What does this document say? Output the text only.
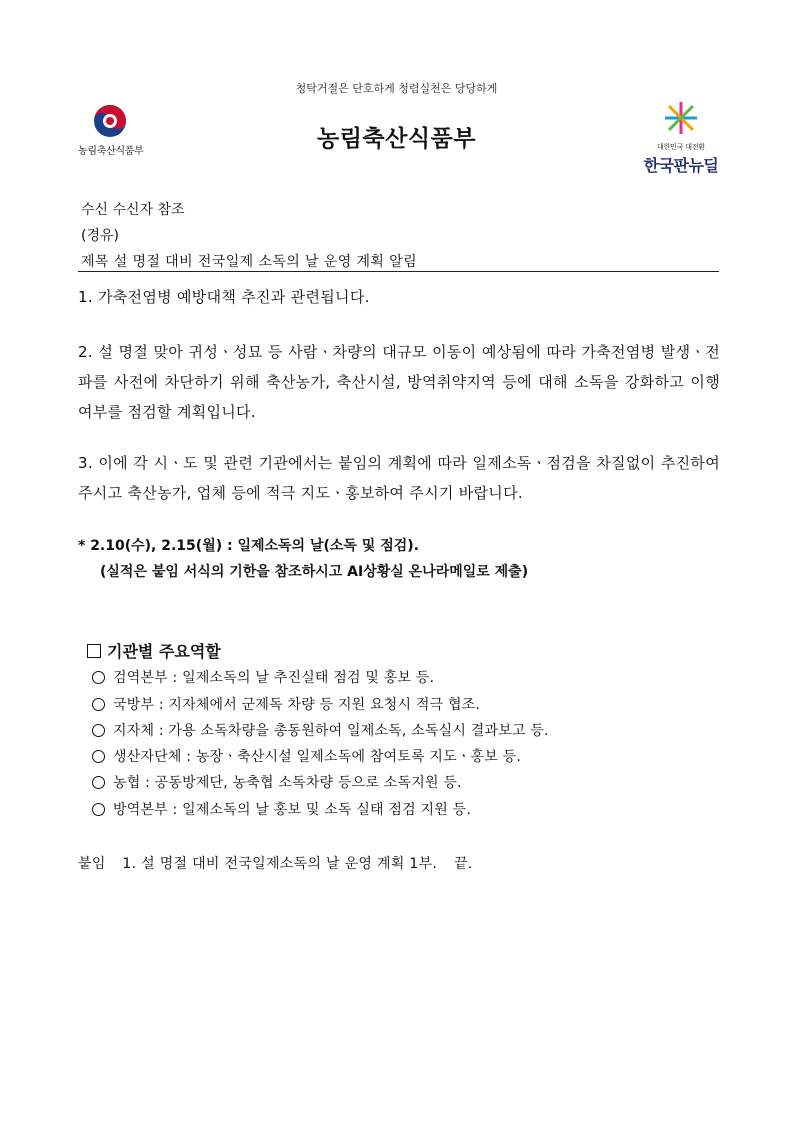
청탁거절은 단호하게 청렴실천은 당당하게
농림축산식품부	농림축산식품부	대한민국 대전환
한국판뉴딜
수신 수신자 참조
(경유)
제목 설 명절 대비 전국일제 소독의 날 운영 계획 알림
1. 가축전염병 예방대책 추진과 관련됩니다.
2. 설 명절 맞아 귀성ㆍ성묘 등 사람ㆍ차량의 대규모 이동이 예상됨에 따라 가축전염병 발생ㆍ전파를 사전에 차단하기 위해 축산농가, 축산시설, 방역취약지역 등에 대해 소독을 강화하고 이행 여부를 점검할 계획입니다.
3. 이에 각 시ㆍ도 및 관련 기관에서는 붙임의 계획에 따라 일제소독ㆍ점검을 차질없이 추진하여 주시고 축산농가, 업체 등에 적극 지도ㆍ홍보하여 주시기 바랍니다.
* 2.10(수), 2.15(월) : 일제소독의 날(소독 및 점검).
(실적은 붙임 서식의 기한을 참조하시고 AI상황실 온나라메일로 제출)
기관별 주요역할
검역본부 : 일제소독의 날 추진실태 점검 및 홍보 등.
국방부 : 지자체에서 군제독 차량 등 지원 요청시 적극 협조.
지자체 : 가용 소독차량을 총동원하여 일제소독, 소독실시 결과보고 등.
생산자단체 : 농장ㆍ축산시설 일제소독에 참여토록 지도ㆍ홍보 등.
농협 : 공동방제단, 농축협 소독차량 등으로 소독지원 등.
방역본부 : 일제소독의 날 홍보 및 소독 실태 점검 지원 등.
붙임 1. 설 명절 대비 전국일제소독의 날 운영 계획 1부. 끝.
